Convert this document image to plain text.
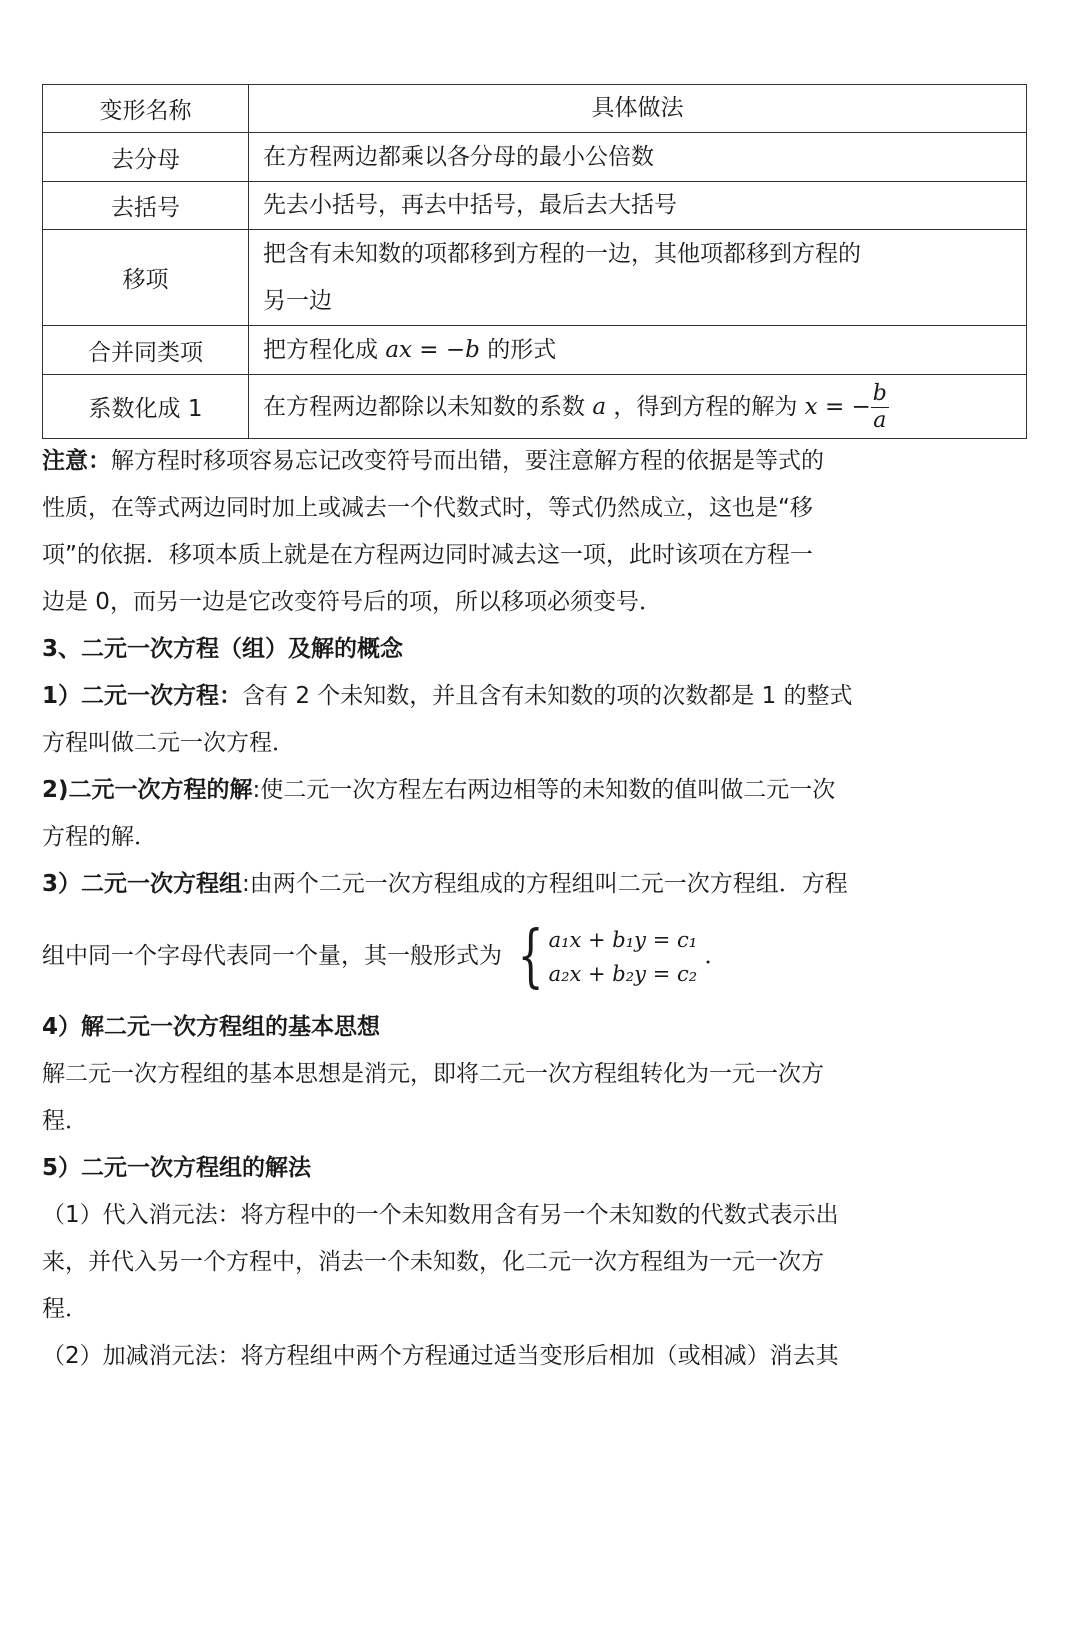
变形名称	具体做法
去分母	在方程两边都乘以各分母的最小公倍数
去括号	先去小括号，再去中括号，最后去大括号
移项	把含有未知数的项都移到方程的一边，其他项都移到方程的
另一边

合并同类项	把方程化成 ax = −b 的形式
系数化成 1	在方程两边都除以未知数的系数 a ，得到方程的解为 x = − $\frac{b}{a}$

注意：解方程时移项容易忘记改变符号而出错，要注意解方程的依据是等式的

性质，在等式两边同时加上或减去一个代数式时，等式仍然成立，这也是“移

项”的依据．移项本质上就是在方程两边同时减去这一项，此时该项在方程一

边是 0，而另一边是它改变符号后的项，所以移项必须变号．

3、二元一次方程（组）及解的概念

1）二元一次方程：含有 2 个未知数，并且含有未知数的项的次数都是 1 的整式

方程叫做二元一次方程．

2)二元一次方程的解:使二元一次方程左右两边相等的未知数的值叫做二元一次

方程的解．

3）二元一次方程组:由两个二元一次方程组成的方程组叫二元一次方程组．方程

组中同一个字母代表同一个量，其一般形式为 { a₁x + b₁y = c₁
a₂x + b₂y = c₂
．

4）解二元一次方程组的基本思想

解二元一次方程组的基本思想是消元，即将二元一次方程组转化为一元一次方

程．

5）二元一次方程组的解法

（1）代入消元法：将方程中的一个未知数用含有另一个未知数的代数式表示出

来，并代入另一个方程中，消去一个未知数，化二元一次方程组为一元一次方

程．

（2）加减消元法：将方程组中两个方程通过适当变形后相加（或相减）消去其
